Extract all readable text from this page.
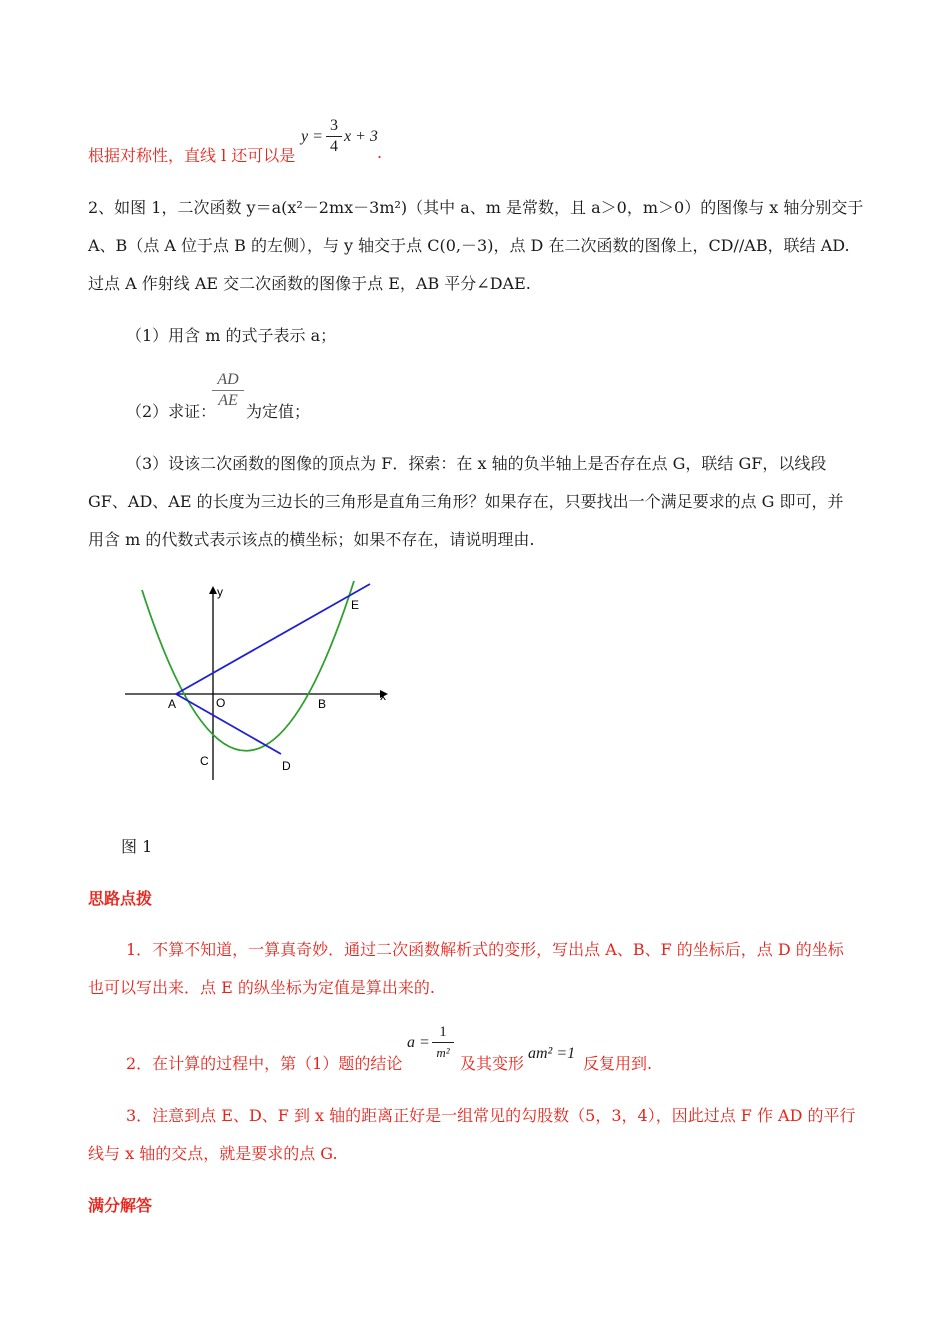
根据对称性，直线 l 还可以是
y =
3
4
x + 3
.
2、如图 1，二次函数 y＝a(x²－2mx－3m²)（其中 a、m 是常数，且 a＞0，m＞0）的图像与 x 轴分别交于
A、B（点 A 位于点 B 的左侧），与 y 轴交于点 C(0,－3)，点 D 在二次函数的图像上，CD//AB，联结 AD.
过点 A 作射线 AE 交二次函数的图像于点 E，AB 平分∠DAE.
（1）用含 m 的式子表示 a；
（2）求证：
AD
AE
为定值；
（3）设该二次函数的图像的顶点为 F．探索：在 x 轴的负半轴上是否存在点 G，联结 GF，以线段
GF、AD、AE 的长度为三边长的三角形是直角三角形？如果存在，只要找出一个满足要求的点 G 即可，并
用含 m 的代数式表示该点的横坐标；如果不存在，请说明理由.
y
x
A	O	B
C	D
E
图 1
思路点拨
1．不算不知道，一算真奇妙．通过二次函数解析式的变形，写出点 A、B、F 的坐标后，点 D 的坐标
也可以写出来．点 E 的纵坐标为定值是算出来的.
2．在计算的过程中，第（1）题的结论
a =
1
m²
及其变形
am² =1
反复用到.
3．注意到点 E、D、F 到 x 轴的距离正好是一组常见的勾股数（5，3，4），因此过点 F 作 AD 的平行
线与 x 轴的交点，就是要求的点 G.
满分解答
